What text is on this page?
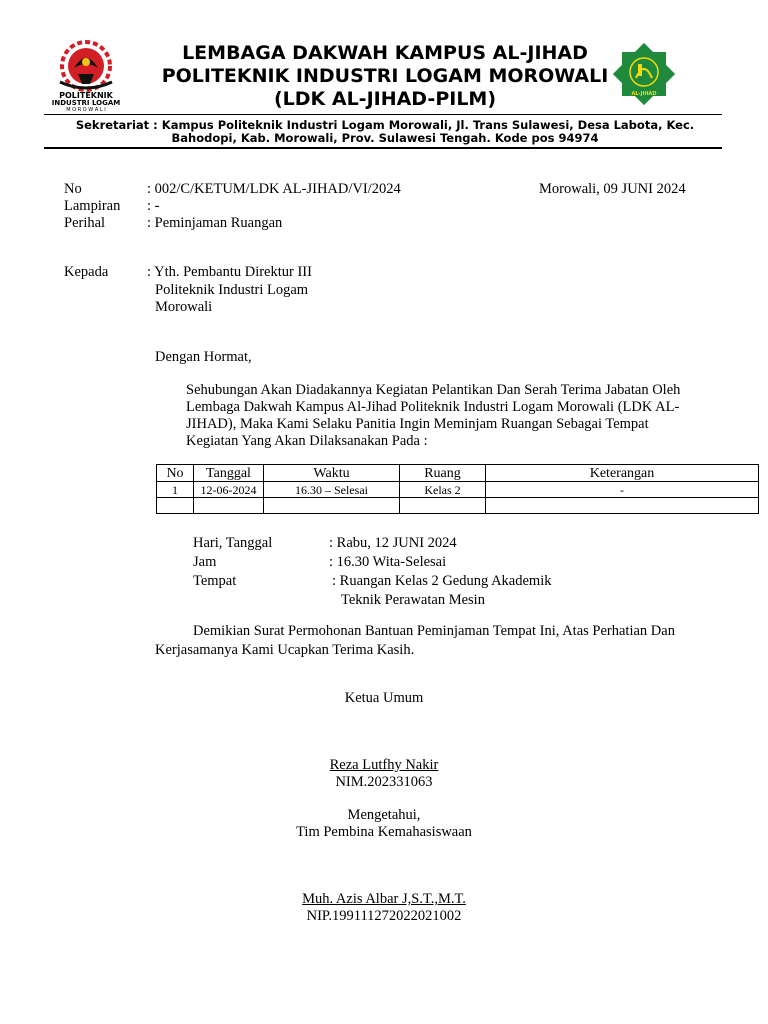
POLITEKNIK
INDUSTRI LOGAM
M O R O W A L I
AL-JIHAD
LEMBAGA DAKWAH KAMPUS AL-JIHAD
POLITEKNIK INDUSTRI LOGAM MOROWALI
(LDK AL-JIHAD-PILM)
Sekretariat : Kampus Politeknik Industri Logam Morowali, Jl. Trans Sulawesi, Desa Labota, Kec.
Bahodopi, Kab. Morowali, Prov. Sulawesi Tengah. Kode pos 94974
No	: 002/C/KETUM/LDK AL-JIHAD/VI/2024	Morowali, 09 JUNI 2024
Lampiran : -
Perihal	: Peminjaman Ruangan
Kepada	: Yth. Pembantu Direktur III
Politeknik Industri Logam
Morowali
Dengan Hormat,
Sehubungan Akan Diadakannya Kegiatan Pelantikan Dan Serah Terima Jabatan Oleh
Lembaga Dakwah Kampus Al-Jihad Politeknik Industri Logam Morowali (LDK AL-
JIHAD), Maka Kami Selaku Panitia Ingin Meminjam Ruangan Sebagai Tempat
Kegiatan Yang Akan Dilaksanakan Pada :
No	Tanggal	Waktu	Ruang	Keterangan
1	12-06-2024	16.30 – Selesai	Kelas 2	-

Hari, Tanggal	: Rabu, 12 JUNI 2024
Jam	: 16.30 Wita-Selesai
Tempat	: Ruangan Kelas 2 Gedung Akademik
Teknik Perawatan Mesin
Demikian Surat Permohonan Bantuan Peminjaman Tempat Ini, Atas Perhatian Dan
Kerjasamanya Kami Ucapkan Terima Kasih.
Ketua Umum
Reza Lutfhy Nakir
NIM.202331063
Mengetahui,
Tim Pembina Kemahasiswaan
Muh. Azis Albar J,S.T.,M.T.
NIP.199111272022021002
